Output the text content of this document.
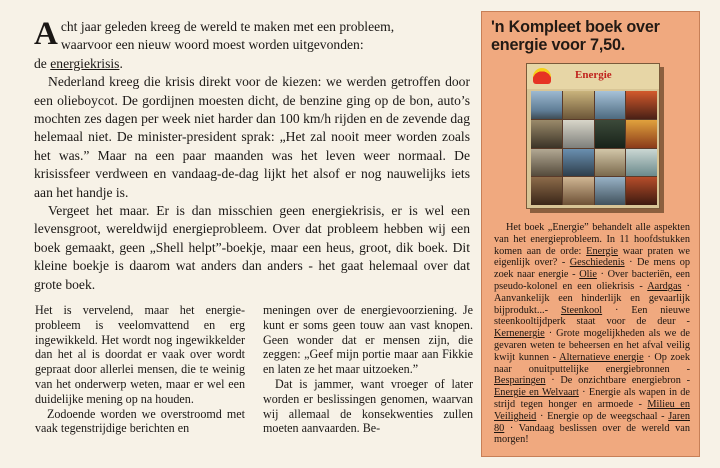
Acht jaar geleden kreeg de wereld te maken met een probleem,
waarvoor een nieuw woord moest worden uitgevonden:
de energiekrisis.

Nederland kreeg die krisis direkt voor de kiezen: we werden getroffen door een olieboycot. De gordijnen moesten dicht, de benzine ging op de bon, auto’s mochten zes dagen per week niet harder dan 100 km/h rijden en de zevende dag helemaal niet. De minister-president sprak: „Het zal nooit meer worden zoals het was.” Maar na een paar maanden was het leven weer normaal. De krisissfeer verdween en vandaag-de-dag lijkt het alsof er nog nauwelijks iets aan het handje is.

Vergeet het maar. Er is dan misschien geen energiekrisis, er is wel een levensgroot, wereldwijd energieprobleem. Over dat probleem hebben wij een boek gemaakt, geen „Shell helpt”-boekje, maar een heus, groot, dik boek. Dit kleine boekje is daarom wat anders dan anders - het gaat helemaal over dat grote boek.

Het is vervelend, maar het energie-probleem is veelomvattend en erg ingewikkeld. Het wordt nog ingewikkelder dan het al is doordat er vaak over wordt gepraat door allerlei mensen, die te weinig van het onderwerp weten, maar er wel een duidelijke mening op na houden.

Zodoende worden we overstroomd met vaak tegenstrijdige berichten en

meningen over de energievoorziening. Je kunt er soms geen touw aan vast knopen. Geen wonder dat er mensen zijn, die zeggen: „Geef mijn portie maar aan Fikkie en laten ze het maar uitzoeken.”

Dat is jammer, want vroeger of later worden er beslissingen genomen, waarvan wij allemaal de konsekwenties zullen moeten aanvaarden. Be-

'n Kompleet boek over energie voor 7,50.
Energie

Het boek „Energie” behandelt alle aspekten van het energieprobleem. In 11 hoofdstukken komen aan de orde: Energie waar praten we eigenlijk over? - Geschiedenis · De mens op zoek naar energie - Olie · Over bacteriën, een pseudo-kolonel en een oliekrisis - Aardgas · Aanvankelijk een hinderlijk en gevaarlijk bijprodukt...- Steenkool · Een nieuwe steenkooltijdperk staat voor de deur - Kernenergie · Grote mogelijkheden als we de gevaren weten te beheersen en het afval veilig kwijt kunnen - Alternatieve energie · Op zoek naar onuitputtelijke energiebronnen - Besparingen · De onzichtbare energiebron - Energie en Welvaart · Energie als wapen in de strijd tegen honger en armoede - Milieu en Veiligheid · Energie op de weegschaal - Jaren 80 · Vandaag beslissen over de wereld van morgen!
